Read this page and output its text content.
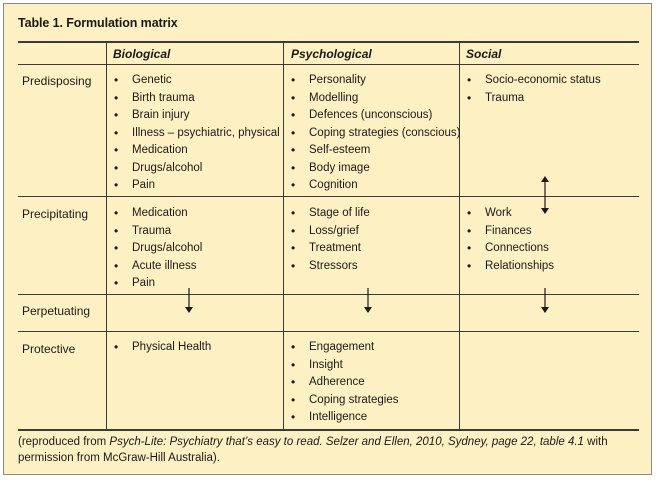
Table 1. Formulation matrix
Biological	Psychological	Social
Predisposing
Precipitating
Perpetuating
Protective
• Genetic
• Birth trauma
• Brain injury
• Illness – psychiatric, physical
• Medication
• Drugs/alcohol
• Pain
• Personality
• Modelling
• Defences (unconscious)
• Coping strategies (conscious)
• Self-esteem
• Body image
• Cognition
• Socio-economic status
• Trauma
• Medication
• Trauma
• Drugs/alcohol
• Acute illness
• Pain
• Stage of life
• Loss/grief
• Treatment
• Stressors
• Work
• Finances
• Connections
• Relationships
• Physical Health
•	Engagement
• Insight
• Adherence
• Coping strategies
• Intelligence
(reproduced from Psych-Lite: Psychiatry that’s easy to read. Selzer and Ellen, 2010, Sydney, page 22, table 4.1 with permission from McGraw-Hill Australia).
